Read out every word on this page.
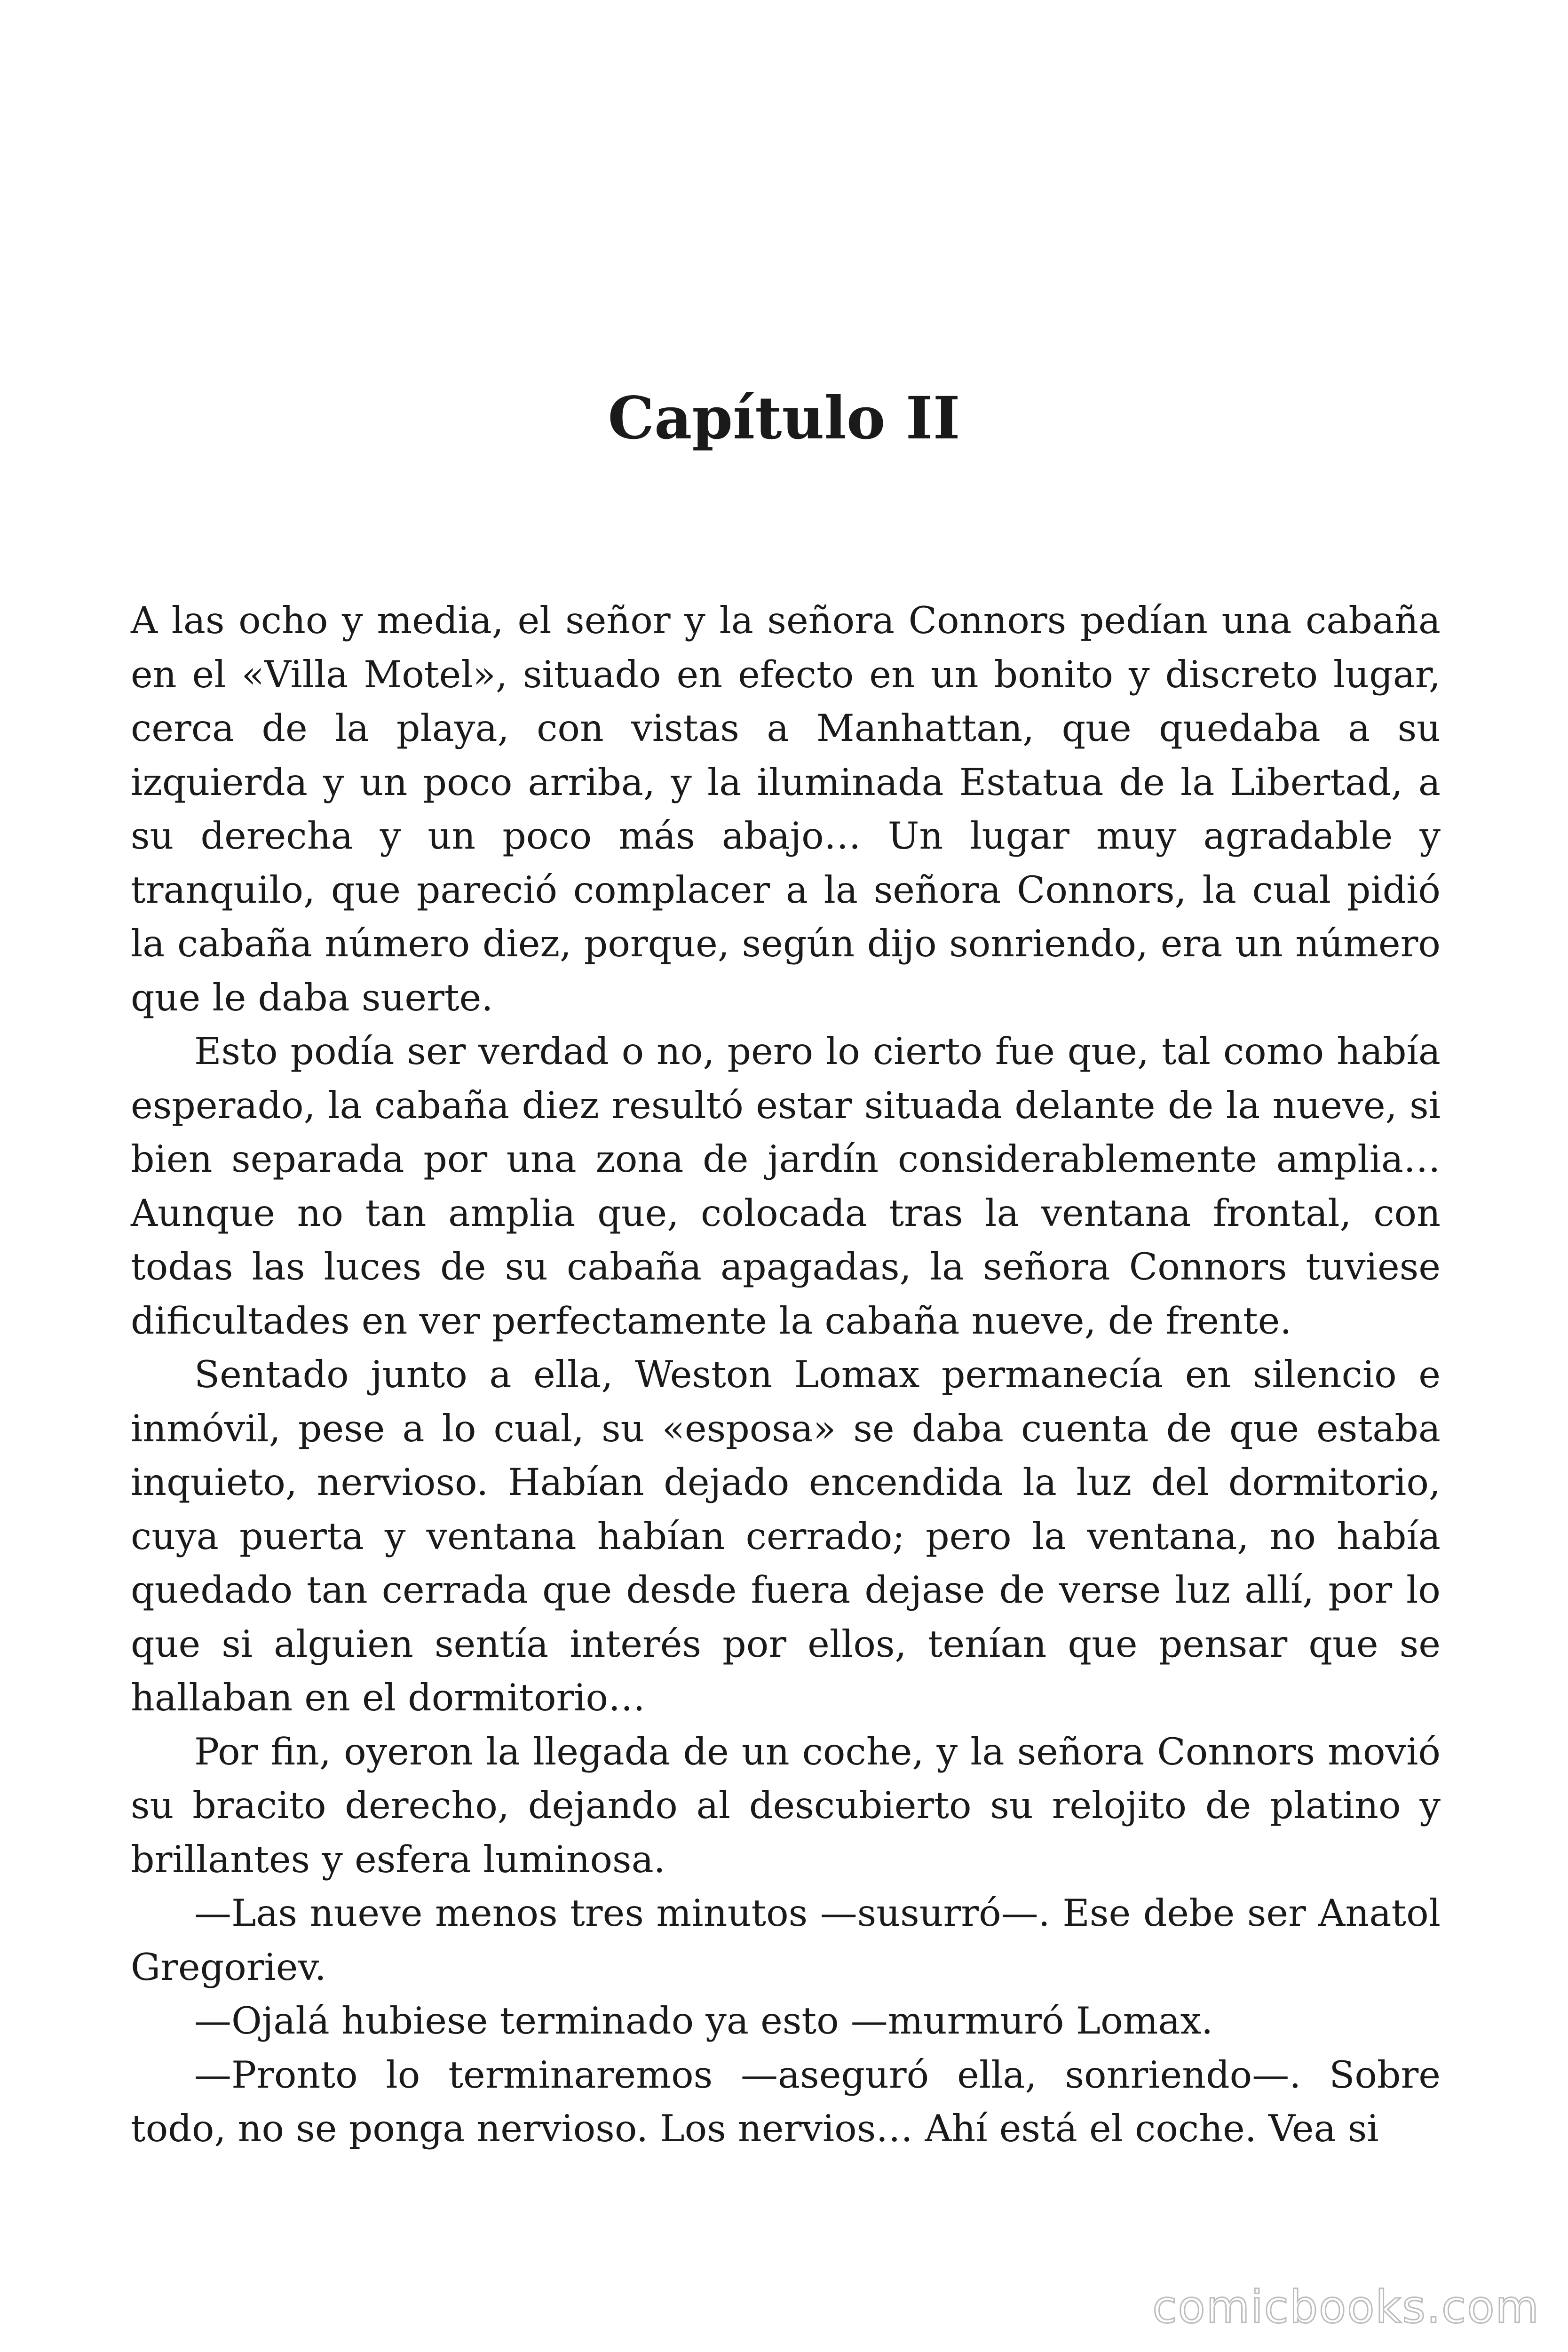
Capítulo II

A las ocho y media, el señor y la señora Connors pedían una cabaña en el «Villa Motel», situado en efecto en un bonito y discreto lugar, cerca de la playa, con vistas a Manhattan, que quedaba a su izquierda y un poco arriba, y la iluminada Estatua de la Libertad, a su derecha y un poco más abajo… Un lugar muy agradable y tranquilo, que pareció complacer a la señora Connors, la cual pidió la cabaña número diez, porque, según dijo sonriendo, era un número que le daba suerte.

Esto podía ser verdad o no, pero lo cierto fue que, tal como había esperado, la cabaña diez resultó estar situada delante de la nueve, si bien separada por una zona de jardín considerablemente amplia… Aunque no tan amplia que, colocada tras la ventana frontal, con todas las luces de su cabaña apagadas, la señora Connors tuviese dificultades en ver perfectamente la cabaña nueve, de frente.

Sentado junto a ella, Weston Lomax permanecía en silencio e inmóvil, pese a lo cual, su «esposa» se daba cuenta de que estaba inquieto, nervioso. Habían dejado encendida la luz del dormitorio, cuya puerta y ventana habían cerrado; pero la ventana, no había quedado tan cerrada que desde fuera dejase de verse luz allí, por lo que si alguien sentía interés por ellos, tenían que pensar que se hallaban en el dormitorio…

Por fin, oyeron la llegada de un coche, y la señora Connors movió su bracito derecho, dejando al descubierto su relojito de platino y brillantes y esfera luminosa.

—Las nueve menos tres minutos —susurró—. Ese debe ser Anatol Gregoriev.

—Ojalá hubiese terminado ya esto —murmuró Lomax.

—Pronto lo terminaremos —aseguró ella, sonriendo—. Sobre todo, no se ponga nervioso. Los nervios… Ahí está el coche. Vea si

comicbooks.com
